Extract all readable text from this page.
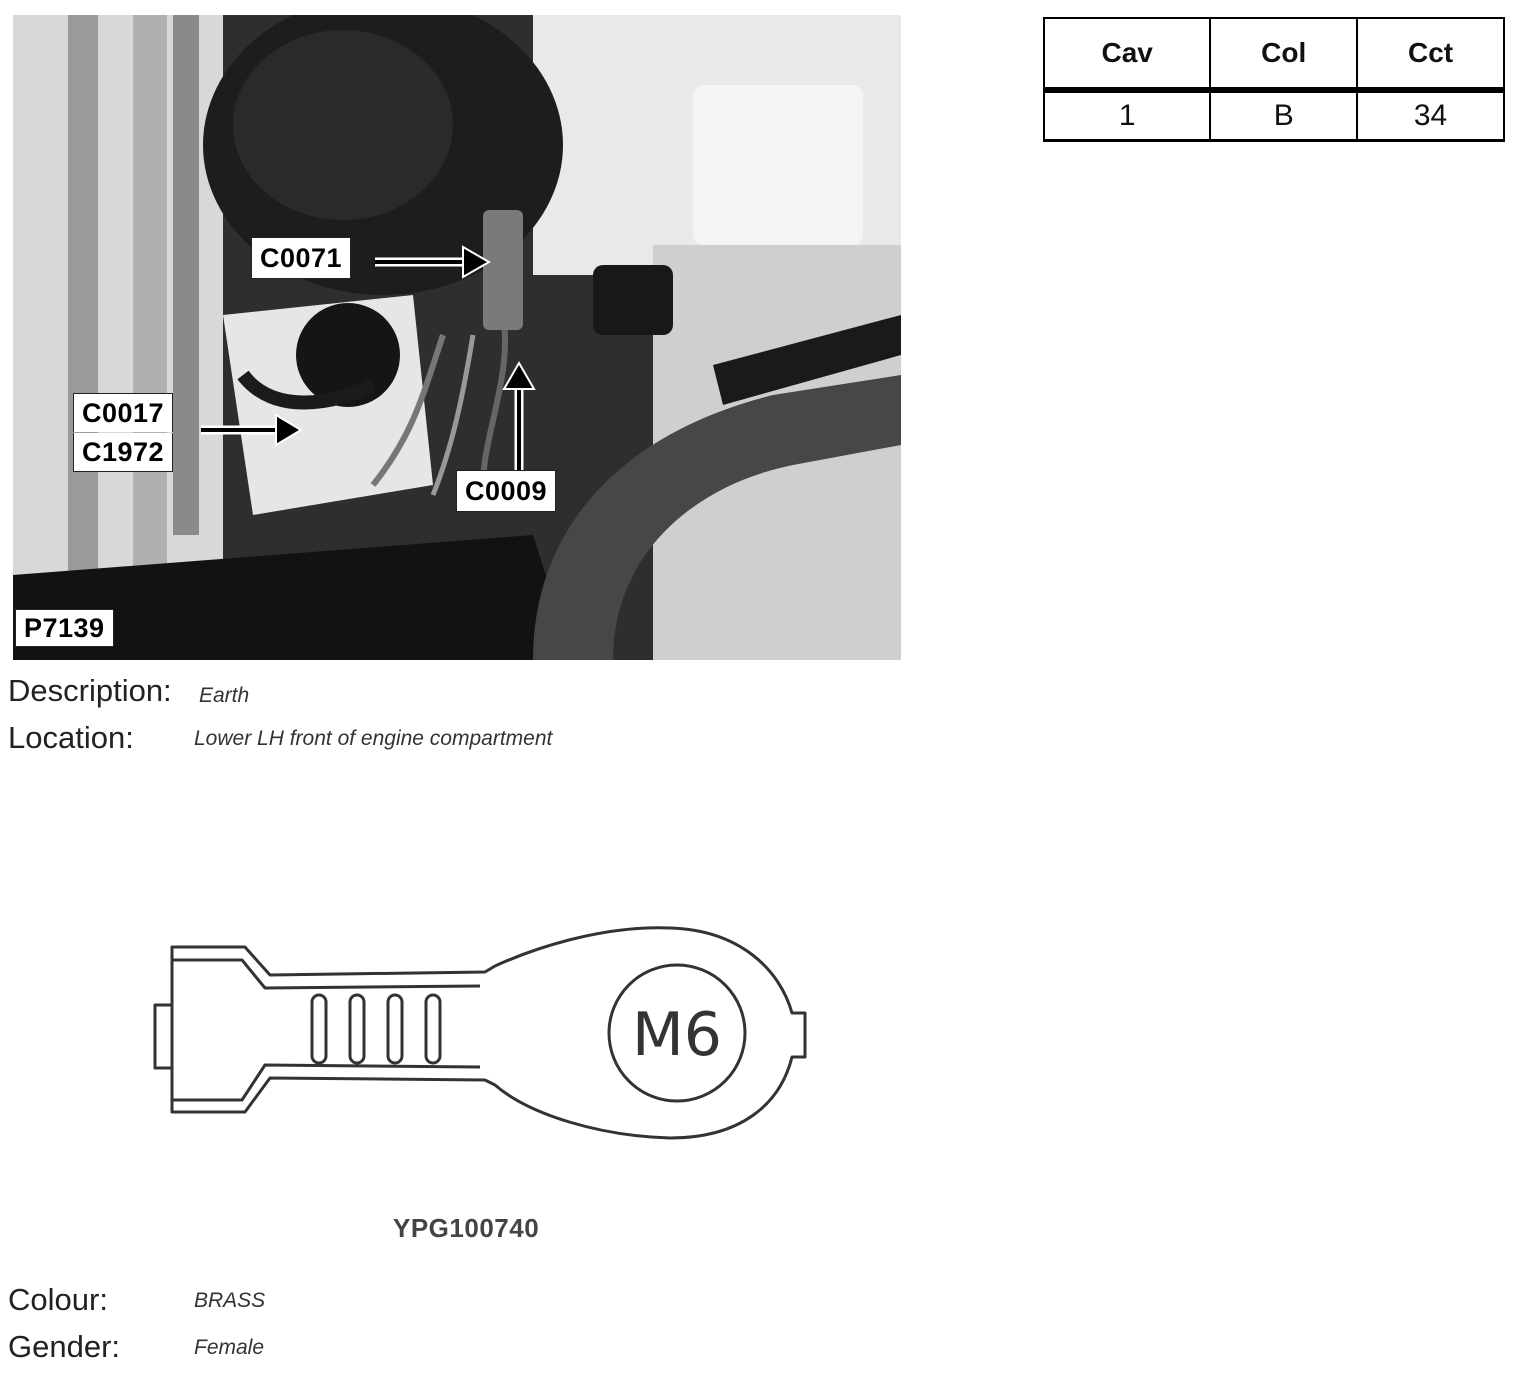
C0071
C0017
C1972
C0009
P7139
Cav	Col	Cct
1	B	34
Description: Earth
Location:	Lower LH front of engine compartment
M6
YPG100740
Colour:	BRASS
Gender:	Female
